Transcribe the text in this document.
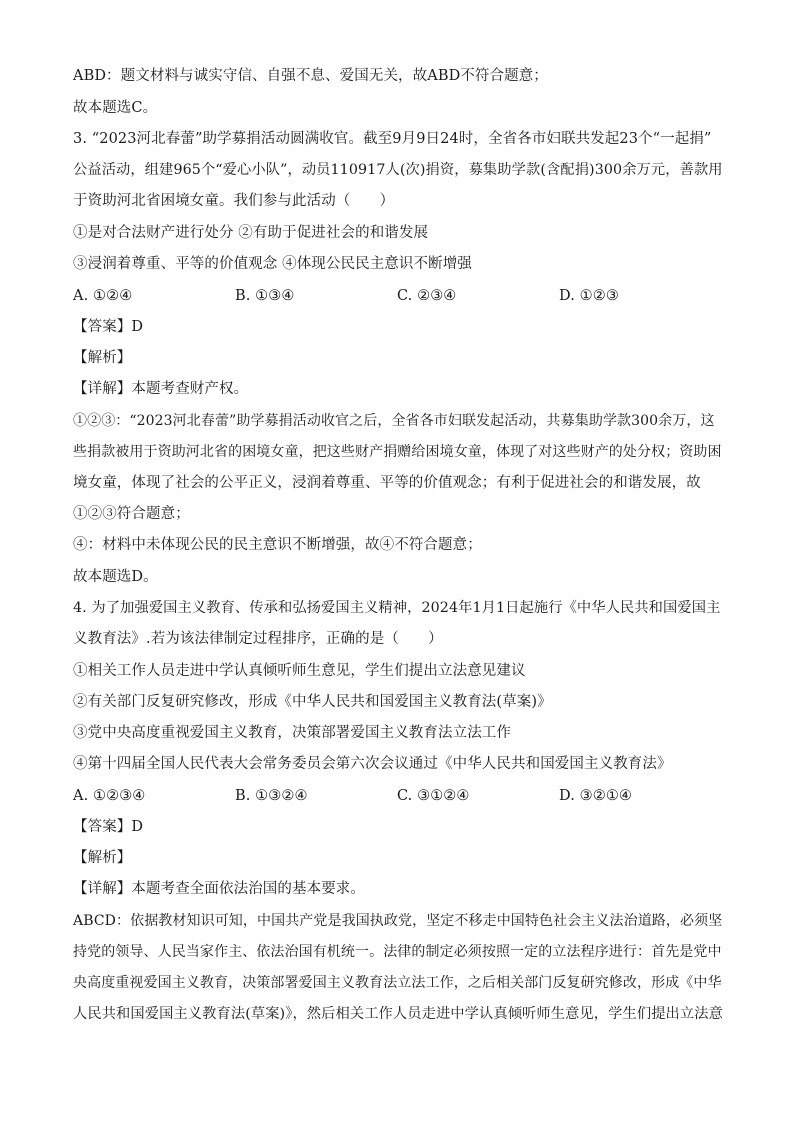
ABD：题文材料与诚实守信、自强不息、爱国无关，故ABD不符合题意；
故本题选C。
3. “2023河北春蕾”助学募捐活动圆满收官。截至9月9日24时，全省各市妇联共发起23个“一起捐”
公益活动，组建965个“爱心小队”，动员110917人(次)捐资，募集助学款(含配捐)300余万元，善款用
于资助河北省困境女童。我们参与此活动（　　）
①是对合法财产进行处分 ②有助于促进社会的和谐发展
③浸润着尊重、平等的价值观念 ④体现公民民主意识不断增强
A. ①②④	B. ①③④	C. ②③④	D. ①②③
【答案】D
【解析】
【详解】本题考查财产权。
①②③：“2023河北春蕾”助学募捐活动收官之后，全省各市妇联发起活动，共募集助学款300余万，这
些捐款被用于资助河北省的困境女童，把这些财产捐赠给困境女童，体现了对这些财产的处分权；资助困
境女童，体现了社会的公平正义，浸润着尊重、平等的价值观念；有利于促进社会的和谐发展，故
①②③符合题意；
④：材料中未体现公民的民主意识不断增强，故④不符合题意；
故本题选D。
4. 为了加强爱国主义教育、传承和弘扬爱国主义精神，2024年1月1日起施行《中华人民共和国爱国主
义教育法》.若为该法律制定过程排序，正确的是（　　）
①相关工作人员走进中学认真倾听师生意见，学生们提出立法意见建议
②有关部门反复研究修改，形成《中华人民共和国爱国主义教育法(草案)》
③党中央高度重视爱国主义教育，决策部署爱国主义教育法立法工作
④第十四届全国人民代表大会常务委员会第六次会议通过《中华人民共和国爱国主义教育法》
A. ①②③④	B. ①③②④	C. ③①②④	D. ③②①④
【答案】D
【解析】
【详解】本题考查全面依法治国的基本要求。
ABCD：依据教材知识可知，中国共产党是我国执政党，坚定不移走中国特色社会主义法治道路，必须坚
持党的领导、人民当家作主、依法治国有机统一。法律的制定必须按照一定的立法程序进行：首先是党中
央高度重视爱国主义教育，决策部署爱国主义教育法立法工作，之后相关部门反复研究修改，形成《中华
人民共和国爱国主义教育法(草案)》，然后相关工作人员走进中学认真倾听师生意见，学生们提出立法意
